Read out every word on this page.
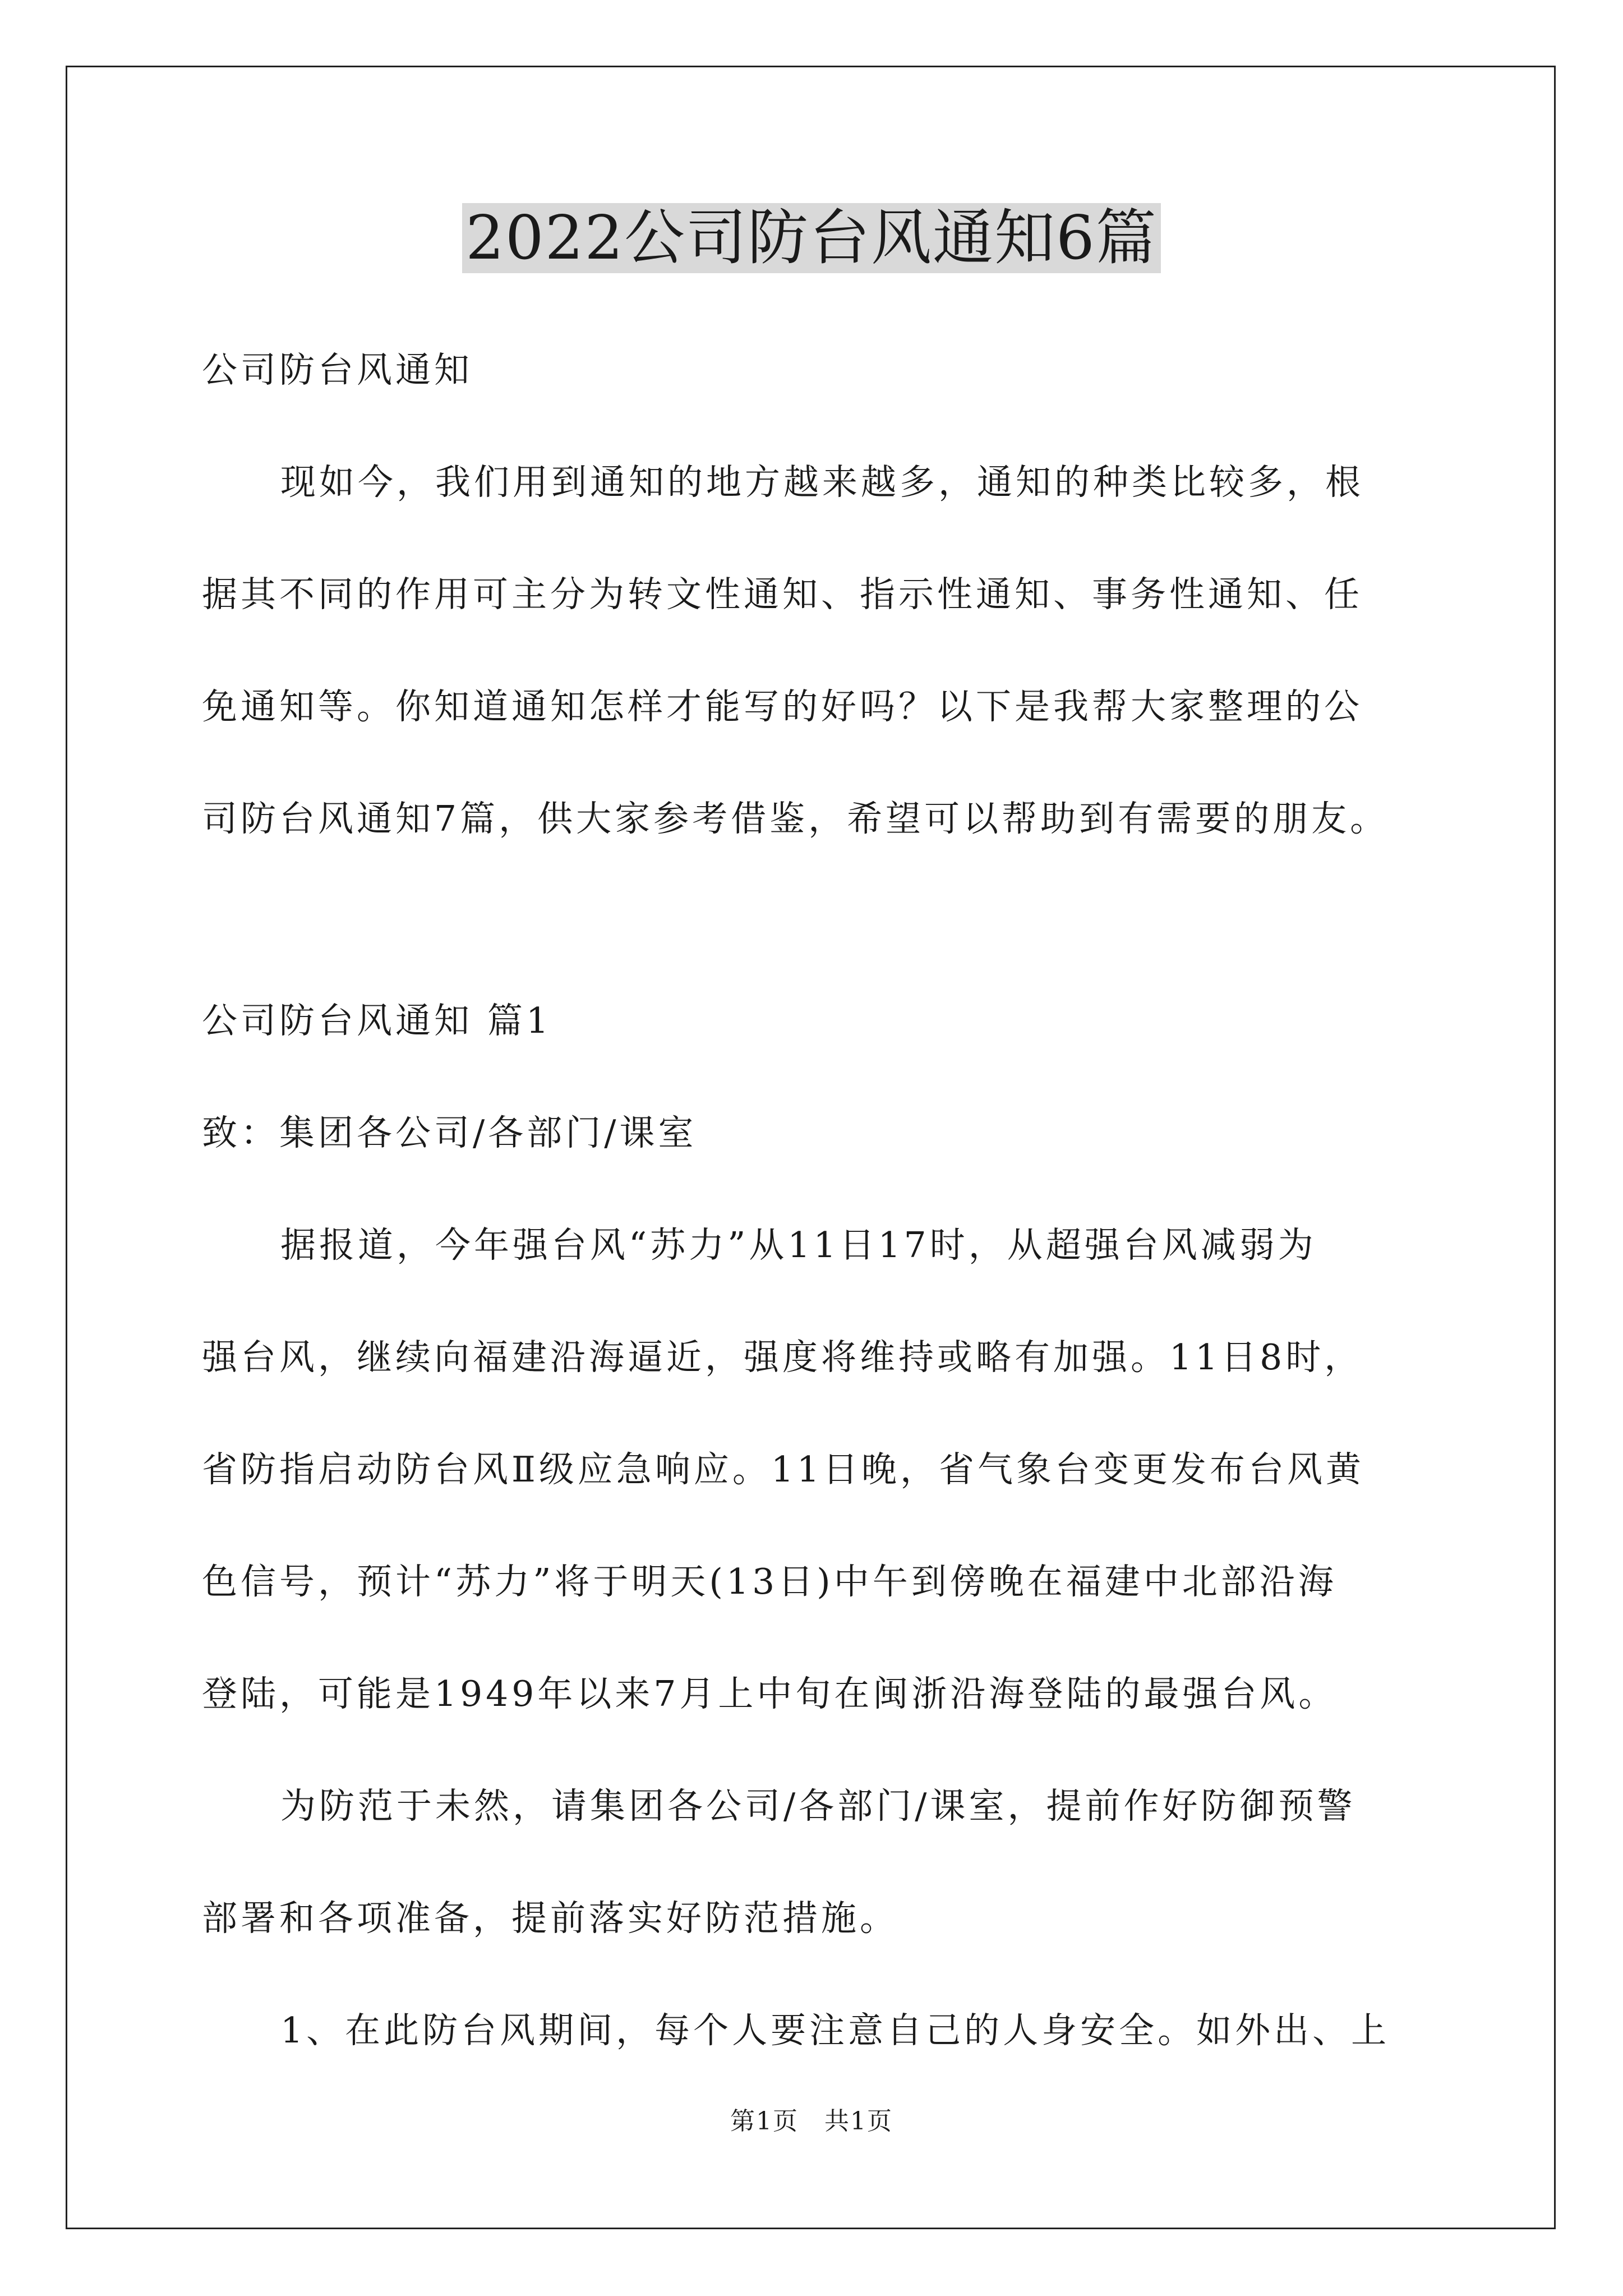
2022公司防台风通知6篇
公司防台风通知
现如今，我们用到通知的地方越来越多，通知的种类比较多，根
据其不同的作用可主分为转文性通知、指示性通知、事务性通知、任
免通知等。你知道通知怎样才能写的好吗？以下是我帮大家整理的公
司防台风通知7篇，供大家参考借鉴，希望可以帮助到有需要的朋友。
公司防台风通知 篇1
致：集团各公司/各部门/课室
据报道，今年强台风“苏力”从11日17时，从超强台风减弱为
强台风，继续向福建沿海逼近，强度将维持或略有加强。11日8时，
省防指启动防台风Ⅱ级应急响应。11日晚，省气象台变更发布台风黄
色信号，预计“苏力”将于明天(13日)中午到傍晚在福建中北部沿海
登陆，可能是1949年以来7月上中旬在闽浙沿海登陆的最强台风。
为防范于未然，请集团各公司/各部门/课室，提前作好防御预警
部署和各项准备，提前落实好防范措施。
1、在此防台风期间，每个人要注意自己的人身安全。如外出、上
第1页　共1页
